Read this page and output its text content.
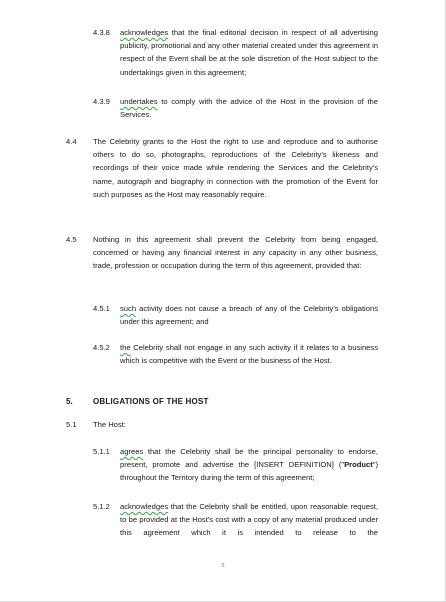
4.3.8 acknowledges that the final editorial decision in respect of all advertising publicity, promotional and any other material created under this agreement in respect of the Event shall be at the sole discretion of the Host subject to the undertakings given in this agreement;
4.3.9 undertakes to comply with the advice of the Host in the provision of the Services.
4.4 The Celebrity grants to the Host the right to use and reproduce and to authorise others to do so, photographs, reproductions of the Celebrity's likeness and recordings of their voice made while rendering the Services and the Celebrity's name, autograph and biography in connection with the promotion of the Event for such purposes as the Host may reasonably require.
4.5 Nothing in this agreement shall prevent the Celebrity from being engaged, concerned or having any financial interest in any capacity in any other business, trade, profession or occupation during the term of this agreement, provided that:
4.5.1 such activity does not cause a breach of any of the Celebrity's obligations under this agreement; and
4.5.2 the Celebrity shall not engage in any such activity if it relates to a business which is competitive with the Event or the business of the Host.
5.	OBLIGATIONS OF THE HOST
5.1 The Host:
5.1.1 agrees that the Celebrity shall be the principal personality to endorse, present, promote and advertise the [INSERT DEFINITION] ("Product") throughout the Territory during the term of this agreement;
5.1.2 acknowledges that the Celebrity shall be entitled, upon reasonable request, to be provided at the Host's cost with a copy of any material produced under this agreement which it is intended to release to the
5
